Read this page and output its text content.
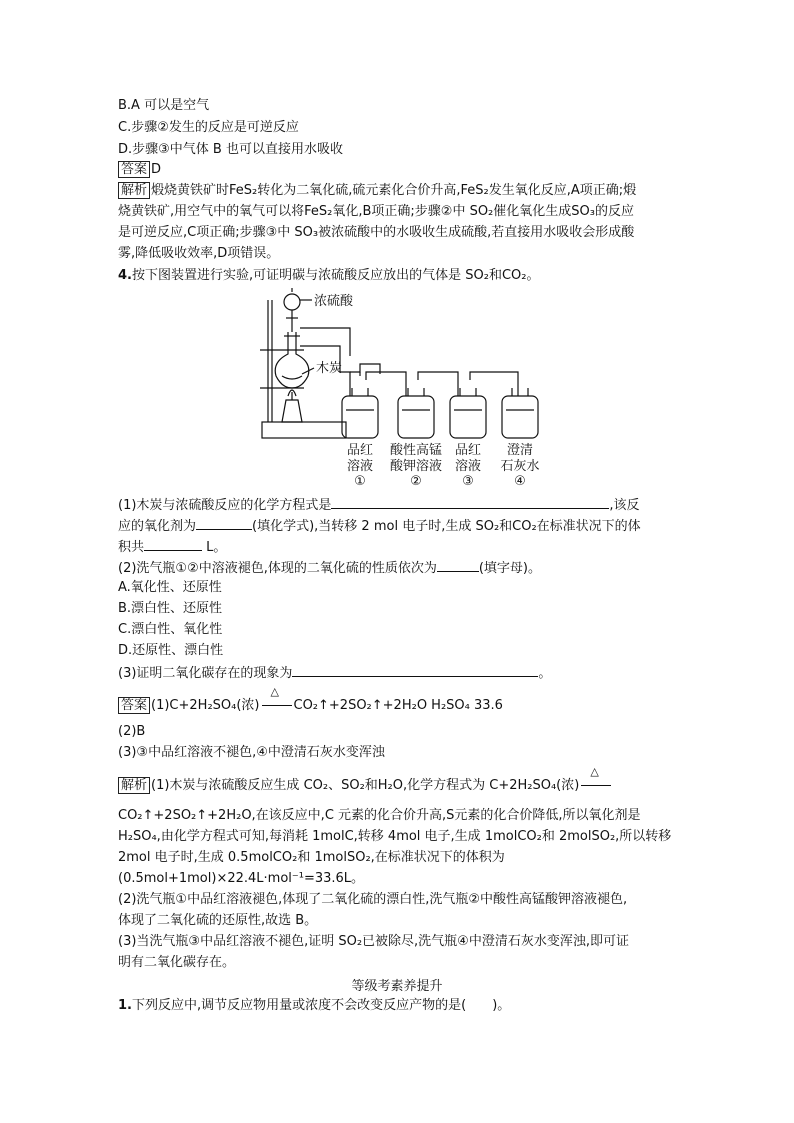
B.A 可以是空气
C.步骤②发生的反应是可逆反应
D.步骤③中气体 B 也可以直接用水吸收
答案 D
解析 煅烧黄铁矿时FeS₂转化为二氧化硫,硫元素化合价升高,FeS₂发生氧化反应,A项正确;煅
烧黄铁矿,用空气中的氧气可以将FeS₂氧化,B项正确;步骤②中 SO₂催化氧化生成SO₃的反应
是可逆反应,C项正确;步骤③中 SO₃被浓硫酸中的水吸收生成硫酸,若直接用水吸收会形成酸
雾,降低吸收效率,D项错误。
4.按下图装置进行实验,可证明碳与浓硫酸反应放出的气体是 SO₂和CO₂。
浓硫酸
木炭
品红
溶液
①
酸性高锰
酸钾溶液
②
品红
溶液
③
澄清
石灰水
④
(1)木炭与浓硫酸反应的化学方程式是	,该反
应的氧化剂为	(填化学式),当转移 2 mol 电子时,生成 SO₂和CO₂在标准状况下的体
积共	L。
(2)洗气瓶①②中溶液褪色,体现的二氧化硫的性质依次为	(填字母)。
A.氧化性、还原性
B.漂白性、还原性
C.漂白性、氧化性
D.还原性、漂白性
(3)证明二氧化碳存在的现象为	。
答案 (1)C+2H₂SO₄(浓)
△
CO₂↑+2SO₂↑+2H₂O H₂SO₄ 33.6
(2)B
(3)③中品红溶液不褪色,④中澄清石灰水变浑浊
解析 (1)木炭与浓硫酸反应生成 CO₂、SO₂和H₂O,化学方程式为 C+2H₂SO₄(浓)
△
CO₂↑+2SO₂↑+2H₂O,在该反应中,C 元素的化合价升高,S元素的化合价降低,所以氧化剂是
H₂SO₄,由化学方程式可知,每消耗 1molC,转移 4mol 电子,生成 1molCO₂和 2molSO₂,所以转移
2mol 电子时,生成 0.5molCO₂和 1molSO₂,在标准状况下的体积为
(0.5mol+1mol)×22.4L·mol⁻¹=33.6L。
(2)洗气瓶①中品红溶液褪色,体现了二氧化硫的漂白性,洗气瓶②中酸性高锰酸钾溶液褪色,
体现了二氧化硫的还原性,故选 B。
(3)当洗气瓶③中品红溶液不褪色,证明 SO₂已被除尽,洗气瓶④中澄清石灰水变浑浊,即可证
明有二氧化碳存在。
等级考素养提升
1.下列反应中,调节反应物用量或浓度不会改变反应产物的是(　　)。
